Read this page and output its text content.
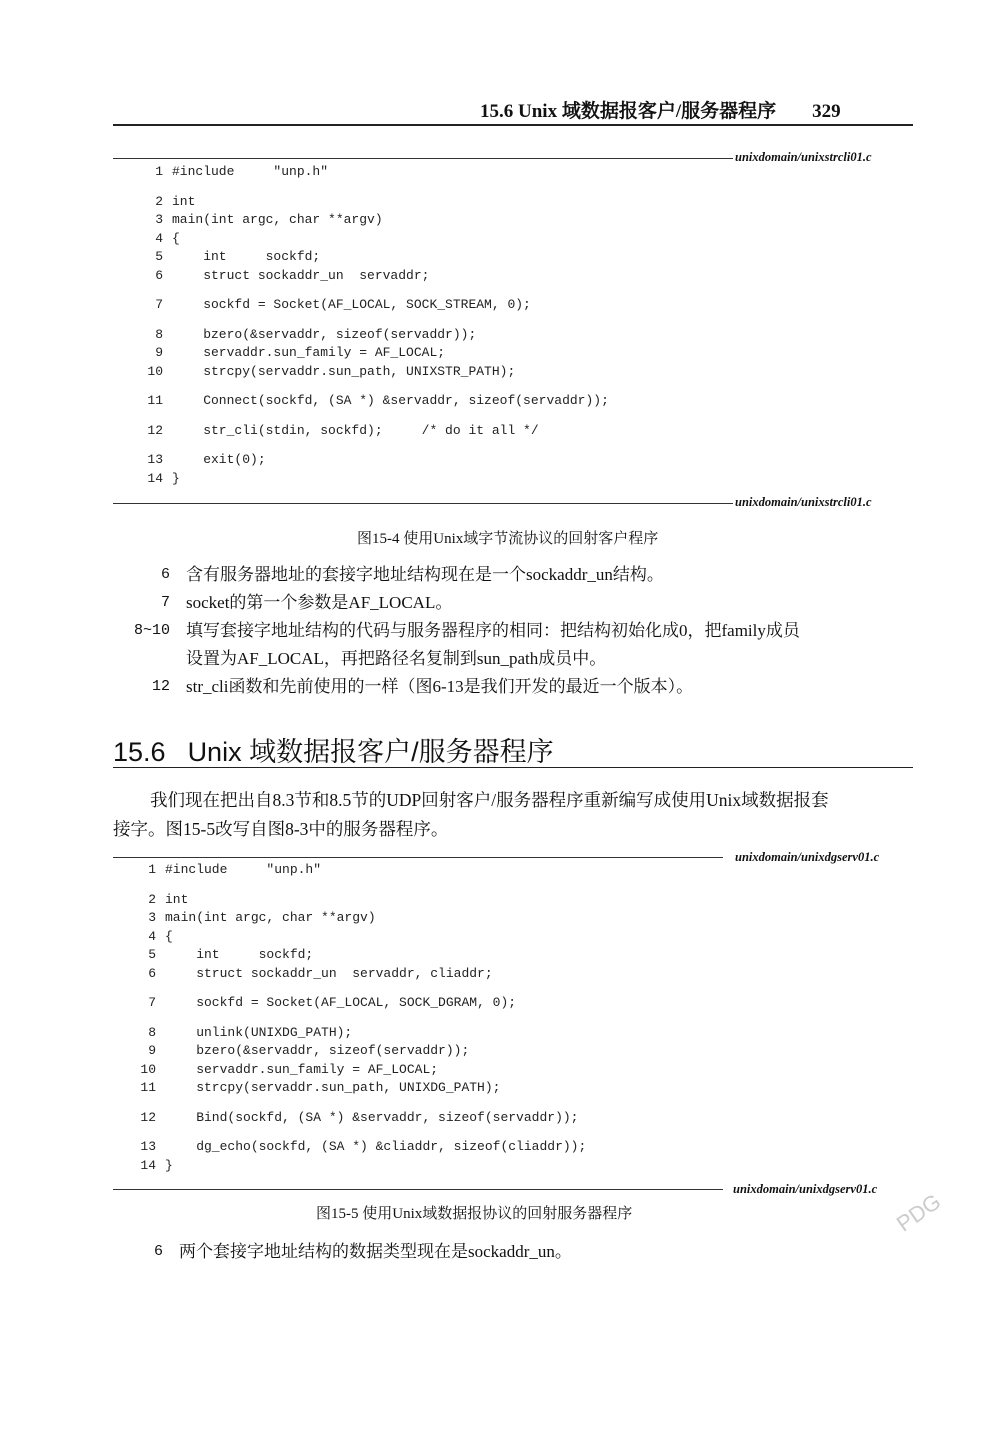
15.6 Unix 域数据报客户/服务器程序 329
unixdomain/unixstrcli01.c
1 #include     "unp.h"
2 int
3 main(int argc, char **argv)
4 {
5 int     sockfd;
6 struct sockaddr_un  servaddr;
7 sockfd = Socket(AF_LOCAL, SOCK_STREAM, 0);
8 bzero(&servaddr, sizeof(servaddr));
9 servaddr.sun_family = AF_LOCAL;
10 strcpy(servaddr.sun_path, UNIXSTR_PATH);
11 Connect(sockfd, (SA *) &servaddr, sizeof(servaddr));
12 str_cli(stdin, sockfd);     /* do it all */
13 exit(0);
14 }
unixdomain/unixstrcli01.c
图15-4 使用Unix域字节流协议的回射客户程序
6 含有服务器地址的套接字地址结构现在是一个sockaddr_un结构。
7 socket的第一个参数是AF_LOCAL。
8~10 填写套接字地址结构的代码与服务器程序的相同：把结构初始化成0，把family成员
设置为AF_LOCAL，再把路径名复制到sun_path成员中。
12 str_cli函数和先前使用的一样（图6-13是我们开发的最近一个版本）。
15.6 Unix 域数据报客户/服务器程序
我们现在把出自8.3节和8.5节的UDP回射客户/服务器程序重新编写成使用Unix域数据报套
接字。图15-5改写自图8-3中的服务器程序。
unixdomain/unixdgserv01.c
1 #include     "unp.h"
2 int
3 main(int argc, char **argv)
4 {
5 int     sockfd;
6 struct sockaddr_un  servaddr, cliaddr;
7 sockfd = Socket(AF_LOCAL, SOCK_DGRAM, 0);
8 unlink(UNIXDG_PATH);
9 bzero(&servaddr, sizeof(servaddr));
10 servaddr.sun_family = AF_LOCAL;
11 strcpy(servaddr.sun_path, UNIXDG_PATH);
12 Bind(sockfd, (SA *) &servaddr, sizeof(servaddr));
13 dg_echo(sockfd, (SA *) &cliaddr, sizeof(cliaddr));
14 }
unixdomain/unixdgserv01.c
图15-5 使用Unix域数据报协议的回射服务器程序
6 两个套接字地址结构的数据类型现在是sockaddr_un。
PDG
